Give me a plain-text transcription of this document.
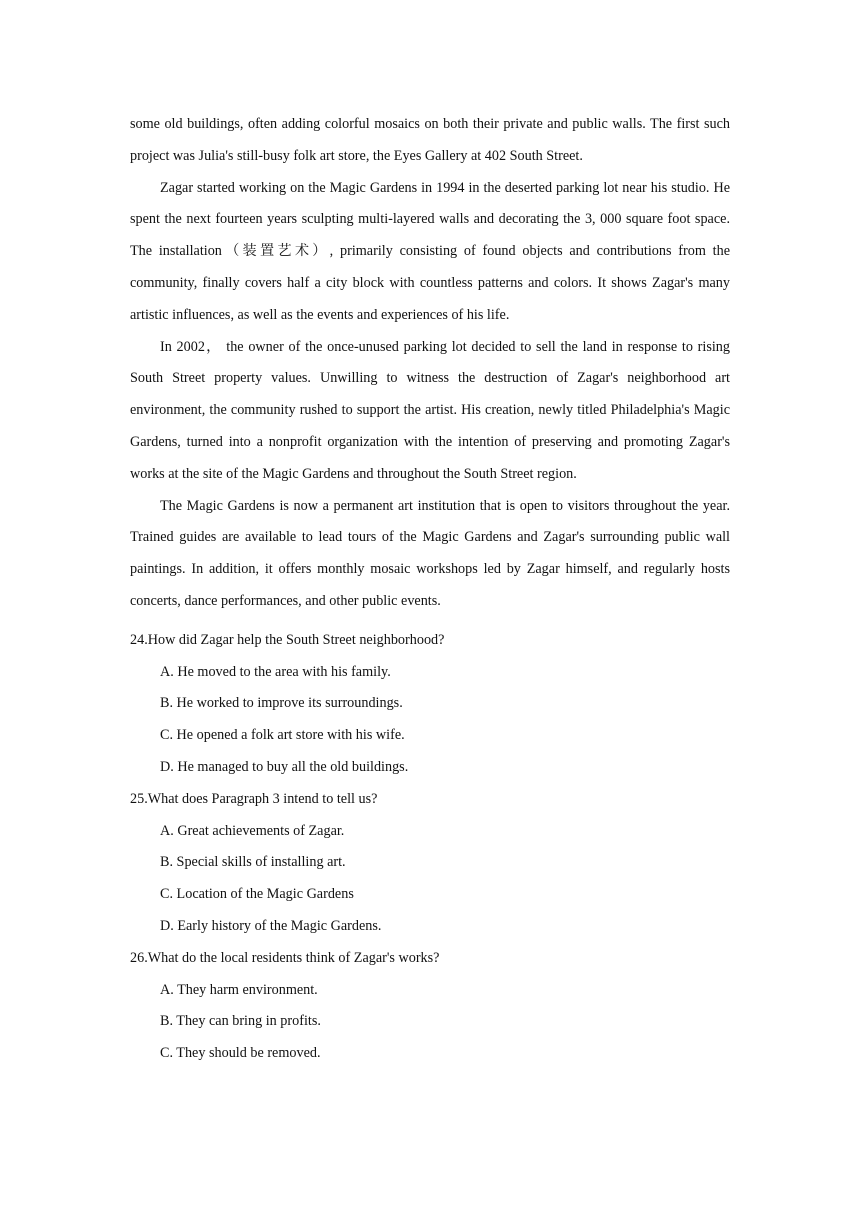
some old buildings, often adding colorful mosaics on both their private and public walls. The first such project was Julia's still-busy folk art store, the Eyes Gallery at 402 South Street.

Zagar started working on the Magic Gardens in 1994 in the deserted parking lot near his studio. He spent the next fourteen years sculpting multi-layered walls and decorating the 3, 000 square foot space. The installation（装置艺术）, primarily consisting of found objects and contributions from the community, finally covers half a city block with countless patterns and colors. It shows Zagar's many artistic influences, as well as the events and experiences of his life.

In 2002， the owner of the once-unused parking lot decided to sell the land in response to rising South Street property values. Unwilling to witness the destruction of Zagar's neighborhood art environment, the community rushed to support the artist. His creation, newly titled Philadelphia's Magic Gardens, turned into a nonprofit organization with the intention of preserving and promoting Zagar's works at the site of the Magic Gardens and throughout the South Street region.

The Magic Gardens is now a permanent art institution that is open to visitors throughout the year. Trained guides are available to lead tours of the Magic Gardens and Zagar's surrounding public wall paintings. In addition, it offers monthly mosaic workshops led by Zagar himself, and regularly hosts concerts, dance performances, and other public events.

24.How did Zagar help the South Street neighborhood?

A. He moved to the area with his family.

B. He worked to improve its surroundings.

C. He opened a folk art store with his wife.

D. He managed to buy all the old buildings.

25.What does Paragraph 3 intend to tell us?

A. Great achievements of Zagar.

B. Special skills of installing art.

C. Location of the Magic Gardens

D. Early history of the Magic Gardens.

26.What do the local residents think of Zagar's works?

A. They harm environment.

B. They can bring in profits.

C. They should be removed.
